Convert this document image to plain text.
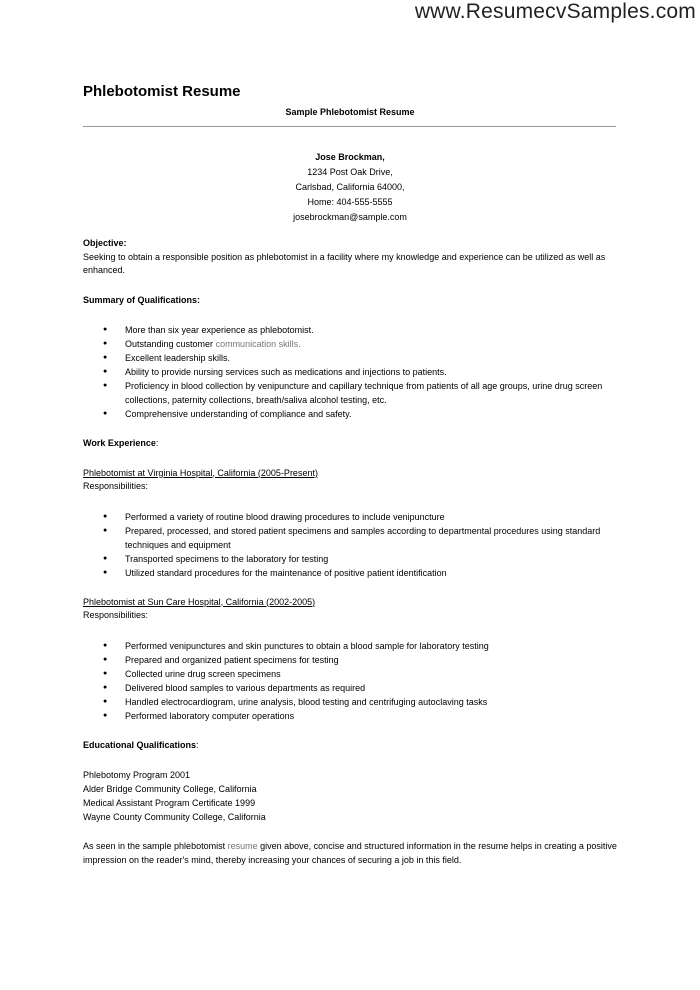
www.ResumecvSamples.com
Phlebotomist Resume
Sample Phlebotomist Resume
Jose Brockman,
1234 Post Oak Drive,
Carlsbad, California 64000,
Home: 404-555-5555
josebrockman@sample.com
Objective:

Seeking to obtain a responsible position as phlebotomist in a facility where my knowledge and experience can be utilized as well as enhanced.

Summary of Qualifications:
● More than six year experience as phlebotomist.
● Outstanding customer communication skills.
● Excellent leadership skills.
● Ability to provide nursing services such as medications and injections to patients.
● Proficiency in blood collection by venipuncture and capillary technique from patients of all age groups, urine drug screen collections, paternity collections, breath/saliva alcohol testing, etc.
● Comprehensive understanding of compliance and safety.
Work Experience:
Phlebotomist at Virginia Hospital, California (2005-Present)
Responsibilities:
● Performed a variety of routine blood drawing procedures to include venipuncture
● Prepared, processed, and stored patient specimens and samples according to departmental procedures using standard techniques and equipment
● Transported specimens to the laboratory for testing
● Utilized standard procedures for the maintenance of positive patient identification
Phlebotomist at Sun Care Hospital, California (2002-2005)
Responsibilities:
● Performed venipunctures and skin punctures to obtain a blood sample for laboratory testing
● Prepared and organized patient specimens for testing
● Collected urine drug screen specimens
● Delivered blood samples to various departments as required
● Handled electrocardiogram, urine analysis, blood testing and centrifuging autoclaving tasks
● Performed laboratory computer operations
Educational Qualifications:
Phlebotomy Program 2001
Alder Bridge Community College, California
Medical Assistant Program Certificate 1999
Wayne County Community College, California

As seen in the sample phlebotomist resume given above, concise and structured information in the resume helps in creating a positive impression on the reader's mind, thereby increasing your chances of securing a job in this field.
